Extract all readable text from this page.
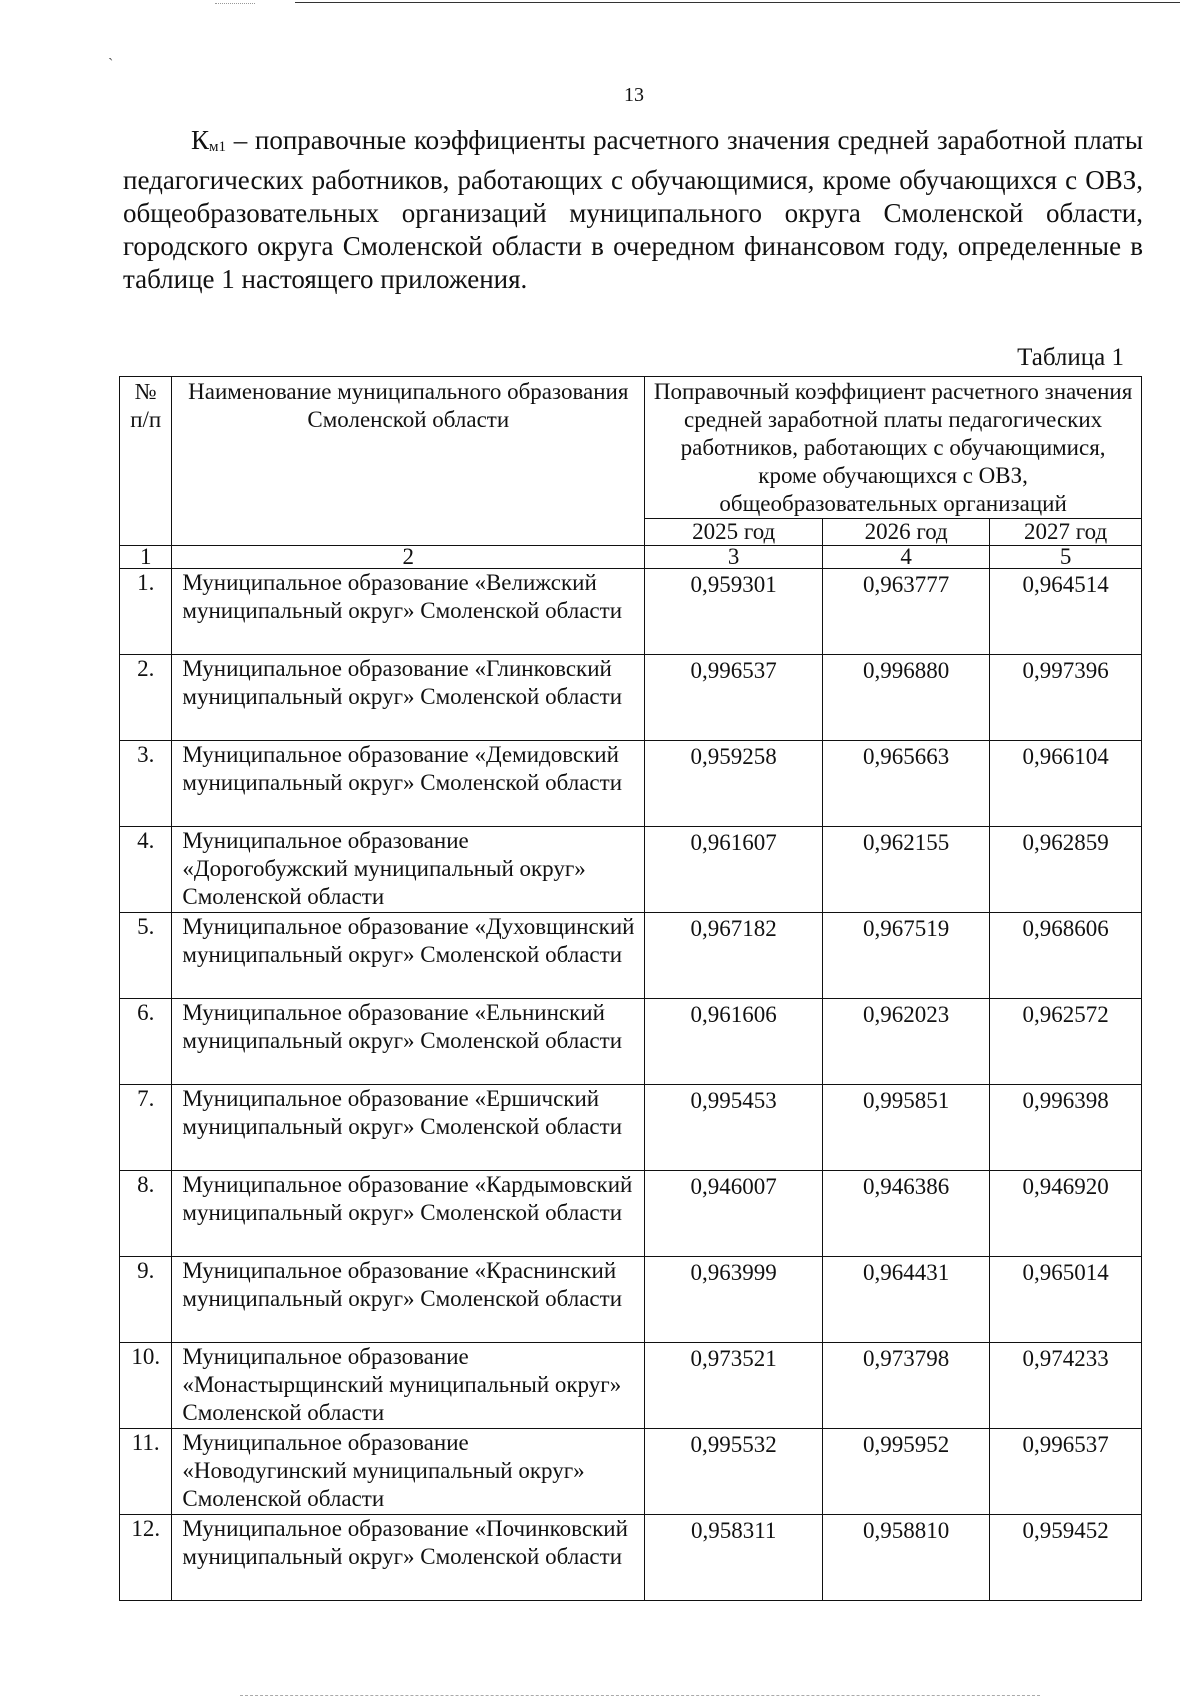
ˏ
13

$К_{м1}$ – поправочные коэффициенты расчетного значения средней заработной платы педагогических работников, работающих с обучающимися, кроме обучающихся с ОВЗ, общеобразовательных организаций муниципального округа Смоленской области, городского округа Смоленской области в очередном финансовом году, определенные в таблице 1 настоящего приложения.

Таблица 1
№ п/п	Наименование муниципального образования Смоленской области	Поправочный коэффициент расчетного значения средней заработной платы педагогических работников, работающих с обучающимися, кроме обучающихся с ОВЗ, общеобразовательных организаций		
		2025 год	2026 год	2027 год
1	2	3	4	5
1.	Муниципальное образование «Велижский муниципальный округ» Смоленской области	0,959301	0,963777	0,964514
2.	Муниципальное образование «Глинковский муниципальный округ» Смоленской области	0,996537	0,996880	0,997396
3.	Муниципальное образование «Демидовский муниципальный округ» Смоленской области	0,959258	0,965663	0,966104
4.	Муниципальное образование «Дорогобужский муниципальный округ» Смоленской области	0,961607	0,962155	0,962859
5.	Муниципальное образование «Духовщинский муниципальный округ» Смоленской области	0,967182	0,967519	0,968606
6.	Муниципальное образование «Ельнинский муниципальный округ» Смоленской области	0,961606	0,962023	0,962572
7.	Муниципальное образование «Ершичский муниципальный округ» Смоленской области	0,995453	0,995851	0,996398
8.	Муниципальное образование «Кардымовский муниципальный округ» Смоленской области	0,946007	0,946386	0,946920
9.	Муниципальное образование «Краснинский муниципальный округ» Смоленской области	0,963999	0,964431	0,965014
10.	Муниципальное образование «Монастырщинский муниципальный округ» Смоленской области	0,973521	0,973798	0,974233
11.	Муниципальное образование «Новодугинский муниципальный округ» Смоленской области	0,995532	0,995952	0,996537
12.	Муниципальное образование «Починковский муниципальный округ» Смоленской области	0,958311	0,958810	0,959452
